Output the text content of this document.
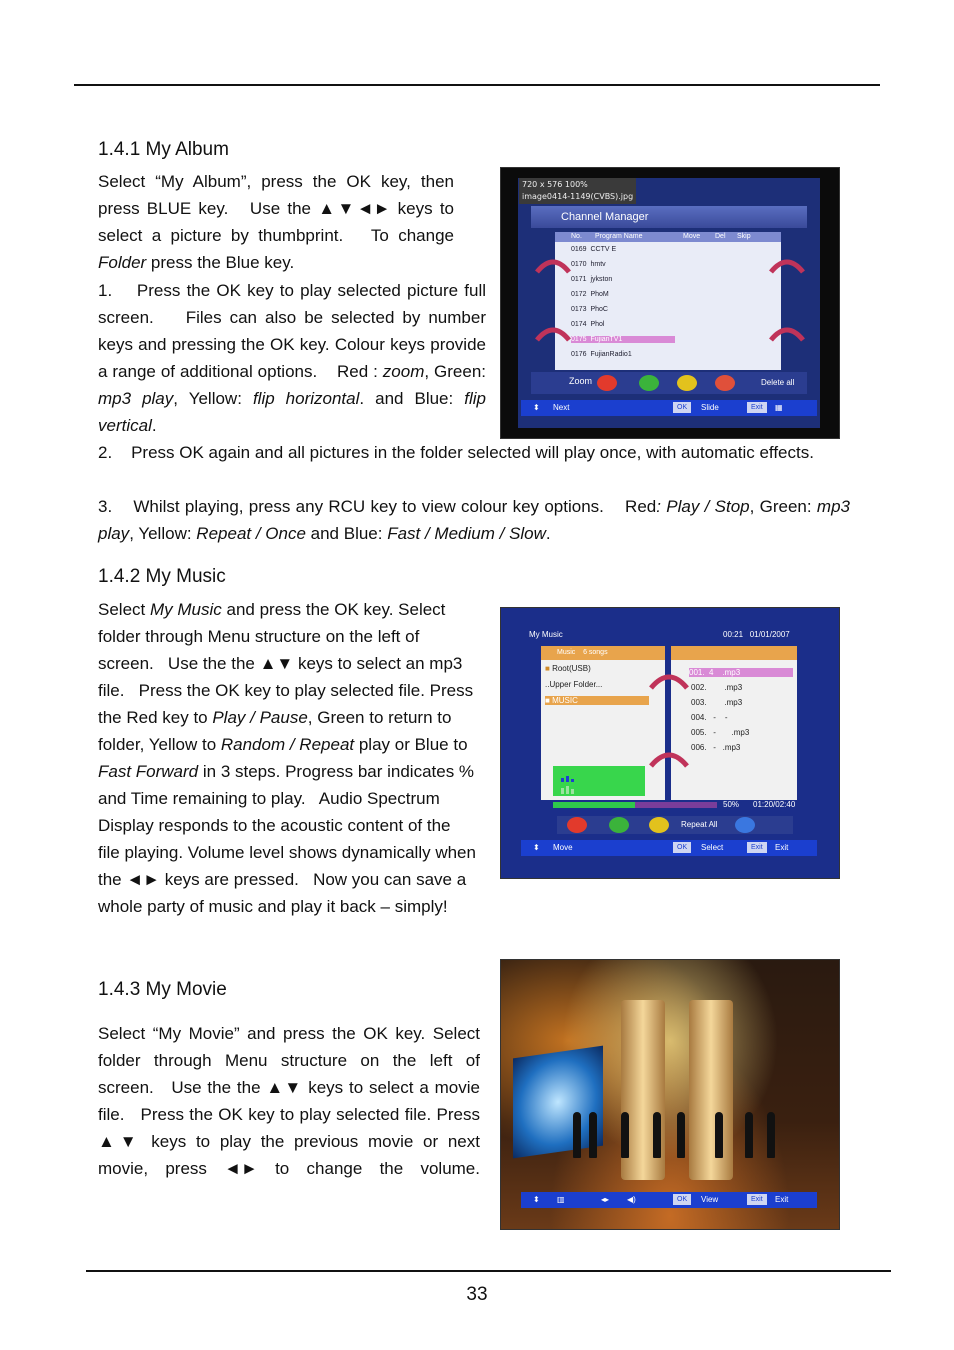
1.4.1 My Album

Select “My Album”, press the OK key, then press BLUE key.   Use the ▲▼◄► keys to select a picture by thumbprint.   To change Folder press the Blue key.

1.    Press the OK key to play selected picture full screen.    Files can also be selected by number keys and pressing the OK key. Colour keys provide a range of additional options.    Red : zoom, Green: mp3 play, Yellow: flip horizontal. and Blue: flip vertical.

2.    Press OK again and all pictures in the folder selected will play once, with automatic effects.

3.    Whilst playing, press any RCU key to view colour key options.    Red: Play / Stop, Green: mp3 play, Yellow: Repeat / Once and Blue: Fast / Medium / Slow.

720 x 576 100%
image0414-1149(CVBS).jpg
Channel Manager
No. Program Name	Move Del Skip
0169 CCTV E
0170 hmtv
0171 jykston
0172 PhoM
0173 PhoC
0174 Phol
0175 FujianTV1
0176 FujianRadio1
Zoom	Delete all
⬍ Next	OK	Slide	Exit	▦
1.4.2 My Music

Select My Music and press the OK key. Select folder through Menu structure on the left of screen.   Use the the ▲▼ keys to select an mp3 file.   Press the OK key to play selected file. Press the Red key to Play / Pause, Green to return to folder, Yellow to Random / Repeat play or Blue to Fast Forward in 3 steps. Progress bar indicates % and Time remaining to play.   Audio Spectrum Display responds to the acoustic content of the file playing. Volume level shows dynamically when the ◄► keys are pressed.   Now you can save a whole party of music and play it back – simply!

My Music	00:21 01/01/2007
Music 6 songs
■ Root(USB)
..Upper Folder...
■ MUSIC
001. 4 .mp3
002. .mp3
003. .mp3
004. - -
005. - .mp3
006. - .mp3
50% 01:20/02:40
Repeat All
⬍ Move	OK	Select	Exit	Exit
1.4.3 My Movie

Select “My Movie” and press the OK key. Select folder through Menu structure on the left of screen.   Use the the ▲▼ keys to select a movie file.   Press the OK key to play selected file. Press ▲▼ keys to play the previous movie or next movie, press ◄► to change the volume.

⬍ ▥	◂▸ ◀)	OK	View	Exit	Exit
33
